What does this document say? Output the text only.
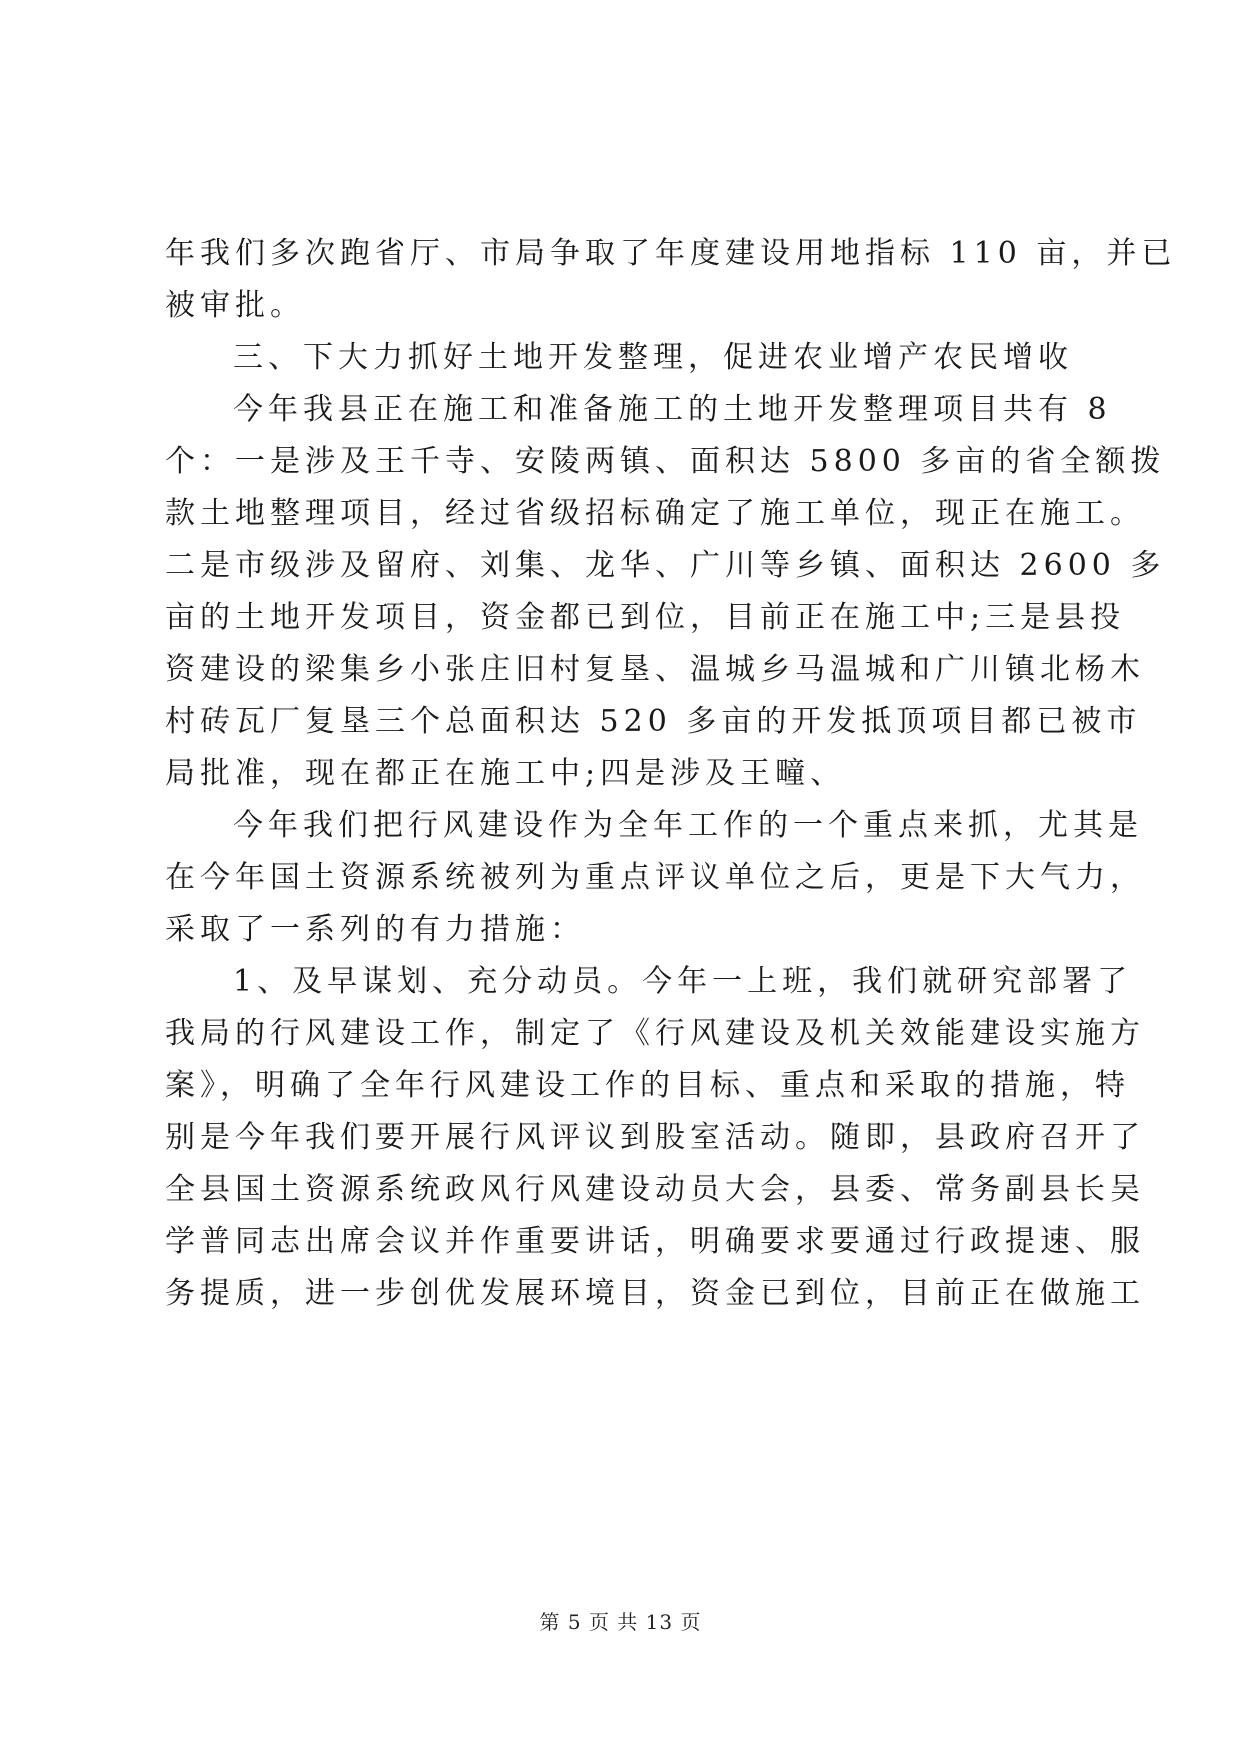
年我们多次跑省厅、市局争取了年度建设用地指标 110 亩，并已
被审批。
三、下大力抓好土地开发整理，促进农业增产农民增收
今年我县正在施工和准备施工的土地开发整理项目共有 8
个：一是涉及王千寺、安陵两镇、面积达 5800 多亩的省全额拨
款土地整理项目，经过省级招标确定了施工单位，现正在施工。
二是市级涉及留府、刘集、龙华、广川等乡镇、面积达 2600 多
亩的土地开发项目，资金都已到位，目前正在施工中;三是县投
资建设的梁集乡小张庄旧村复垦、温城乡马温城和广川镇北杨木
村砖瓦厂复垦三个总面积达 520 多亩的开发抵顶项目都已被市
局批准，现在都正在施工中;四是涉及王疃、
今年我们把行风建设作为全年工作的一个重点来抓，尤其是
在今年国土资源系统被列为重点评议单位之后，更是下大气力，
采取了一系列的有力措施：
1、及早谋划、充分动员。今年一上班，我们就研究部署了
我局的行风建设工作，制定了《行风建设及机关效能建设实施方
案》，明确了全年行风建设工作的目标、重点和采取的措施，特
别是今年我们要开展行风评议到股室活动。随即，县政府召开了
全县国土资源系统政风行风建设动员大会，县委、常务副县长吴
学普同志出席会议并作重要讲话，明确要求要通过行政提速、服
务提质，进一步创优发展环境目，资金已到位，目前正在做施工
第 5 页 共 13 页
